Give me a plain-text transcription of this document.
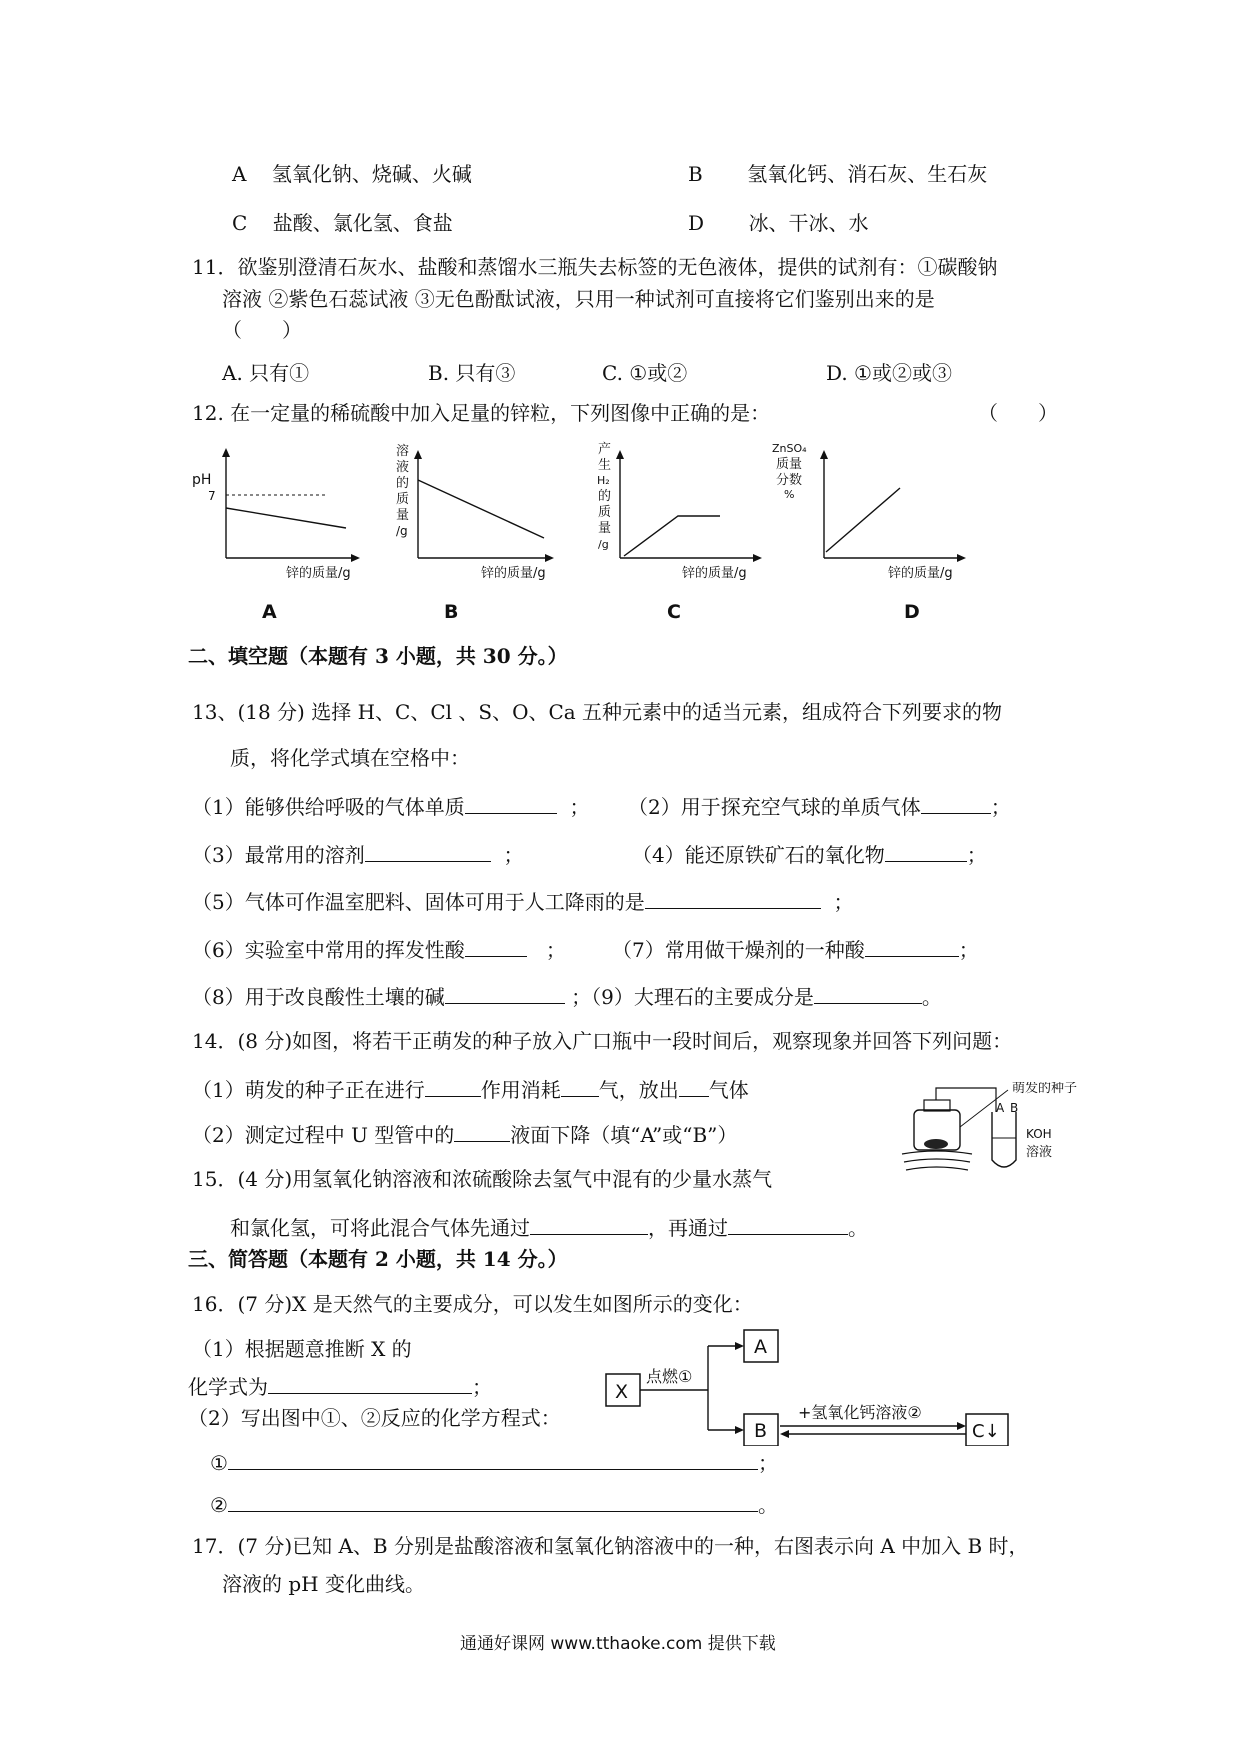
A 氢氧化钠、烧碱、火碱	B 氢氧化钙、消石灰、生石灰
C 盐酸、氯化氢、食盐	D 冰、干冰、水
11．欲鉴别澄清石灰水、盐酸和蒸馏水三瓶失去标签的无色液体，提供的试剂有：①碳酸钠
溶液 ②紫色石蕊试液 ③无色酚酞试液，只用一种试剂可直接将它们鉴别出来的是
（　　）
A. 只有①	B. 只有③	C. ①或②	D. ①或②或③
12. 在一定量的稀硫酸中加入足量的锌粒，下列图像中正确的是：	（　　）
pH
7
锌的质量/g
A
溶
液
的
质
量
/g
锌的质量/g
B
产
生
H₂
的
质
量
/g
锌的质量/g
C
ZnSO₄
质量
分数
%
锌的质量/g
D
二、填空题（本题有 3 小题，共 30 分。）
13、(18 分) 选择 H、C、Cl 、S、O、Ca 五种元素中的适当元素，组成符合下列要求的物
质，将化学式填在空格中：
（1）能够供给呼吸的气体单质	； （2）用于探充空气球的单质气体	；
（3）最常用的溶剂	；	（4）能还原铁矿石的氧化物	；
（5）气体可作温室肥料、固体可用于人工降雨的是	；
（6）实验室中常用的挥发性酸	； （7）常用做干燥剂的一种酸	；
（8）用于改良酸性土壤的碱	；（9）大理石的主要成分是	。
14．(8 分)如图，将若干正萌发的种子放入广口瓶中一段时间后，观察现象并回答下列问题：
（1）萌发的种子正在进行	作用消耗 气，放出 气体
（2）测定过程中 U 型管中的	液面下降（填“A”或“B”）
萌发的种子
A B
KOH
溶液
15．(4 分)用氢氧化钠溶液和浓硫酸除去氢气中混有的少量水蒸气
和氯化氢，可将此混合气体先通过	，再通过	。
三、简答题（本题有 2 小题，共 14 分。）
16．(7 分)X 是天然气的主要成分，可以发生如图所示的变化：
（1）根据题意推断 X 的
化学式为	；
（2）写出图中①、②反应的化学方程式：
①	；
②	。
X
点燃①
A
B
+氢氧化钙溶液②
C↓
17．(7 分)已知 A、B 分别是盐酸溶液和氢氧化钠溶液中的一种，右图表示向 A 中加入 B 时，
溶液的 pH 变化曲线。
通通好课网 www.tthaoke.com 提供下载
